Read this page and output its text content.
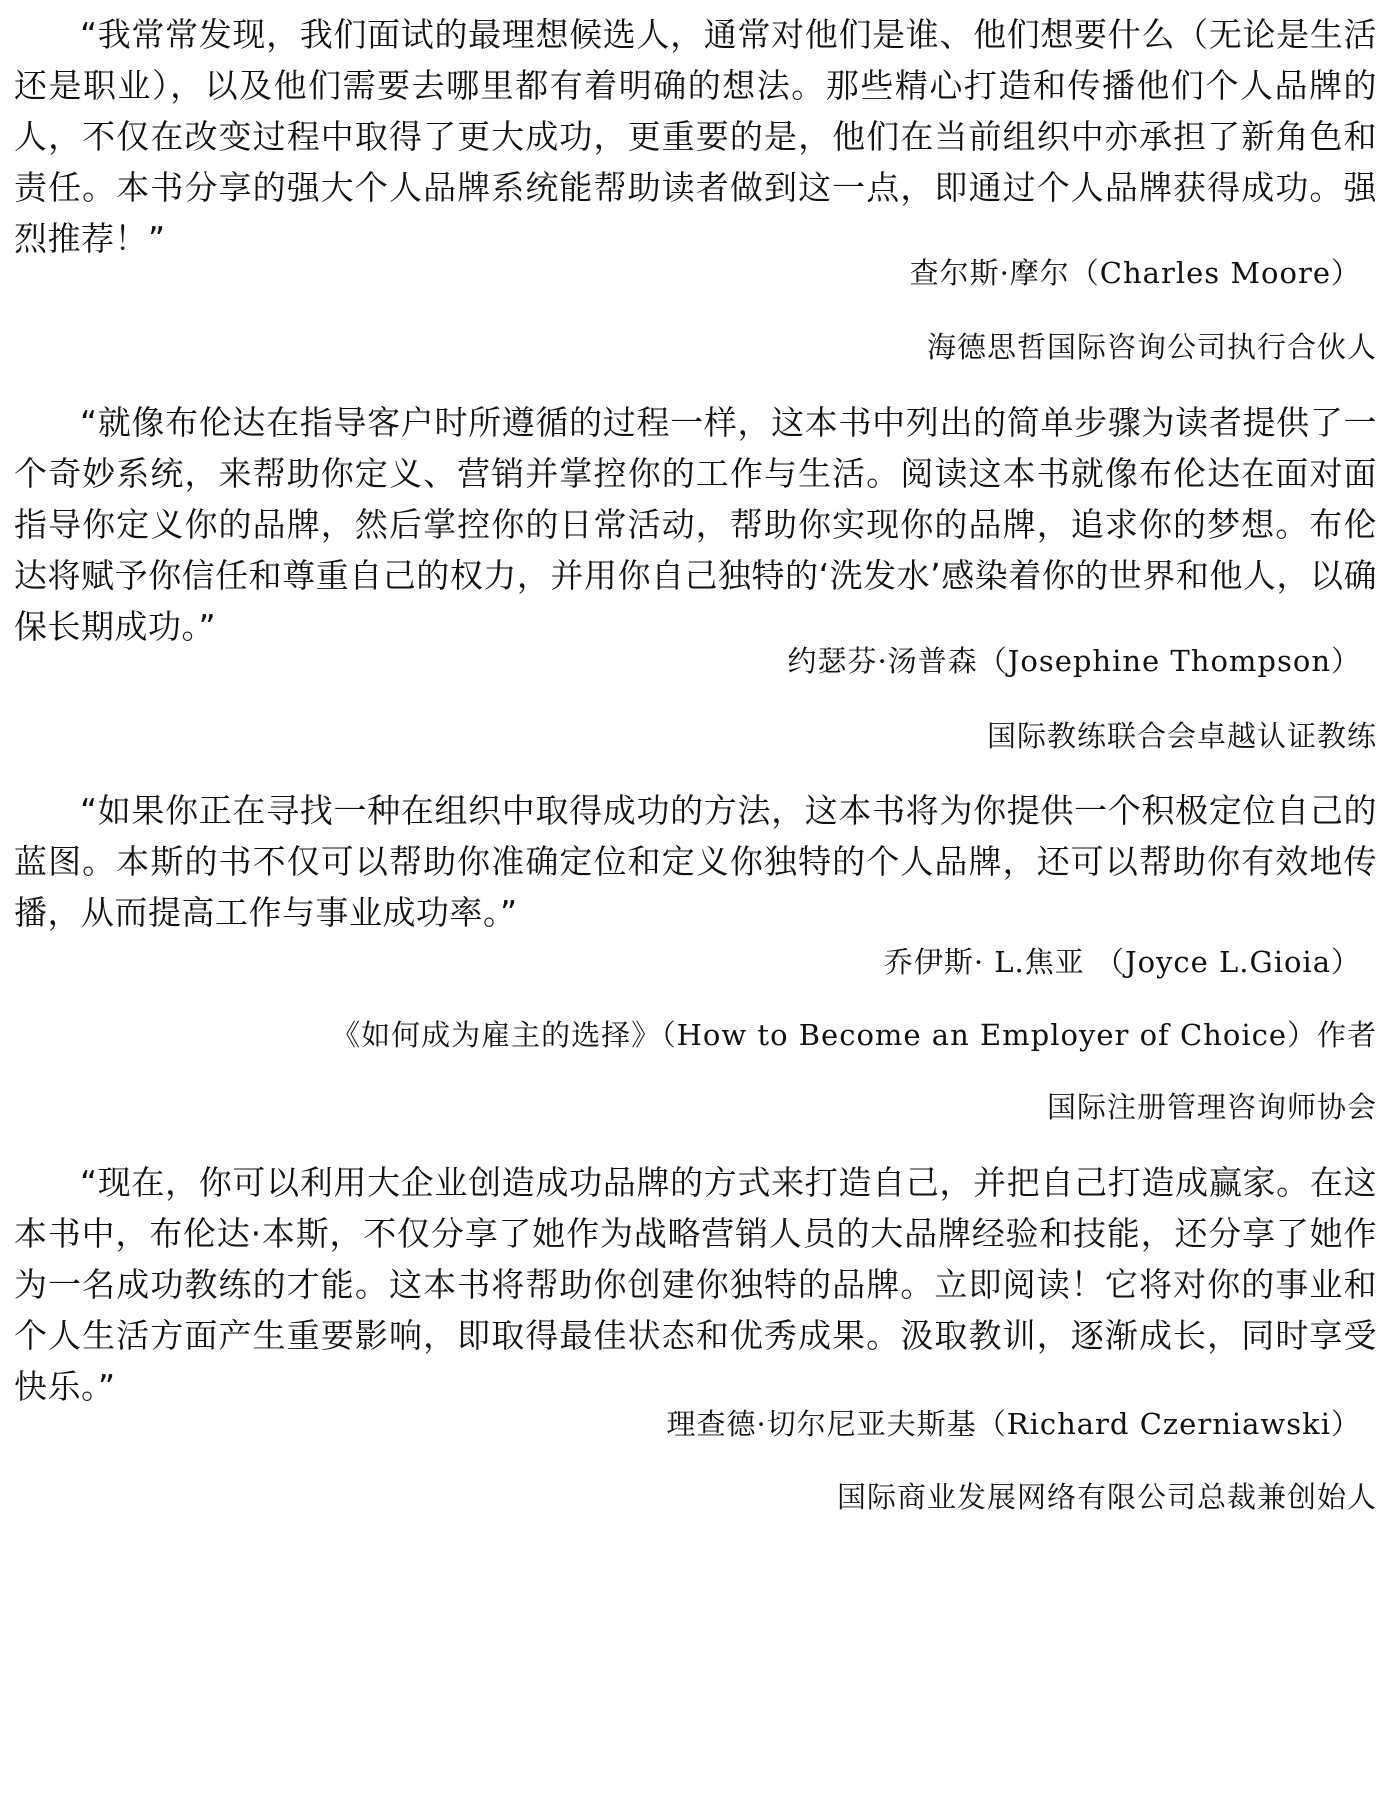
“我常常发现，我们面试的最理想候选人，通常对他们是谁、他们想要什么（无论是生活还是职业），以及他们需要去哪里都有着明确的想法。那些精心打造和传播他们个人品牌的人，不仅在改变过程中取得了更大成功，更重要的是，他们在当前组织中亦承担了新角色和责任。本书分享的强大个人品牌系统能帮助读者做到这一点，即通过个人品牌获得成功。强烈推荐！”

查尔斯·摩尔（Charles Moore）

海德思哲国际咨询公司执行合伙人

“就像布伦达在指导客户时所遵循的过程一样，这本书中列出的简单步骤为读者提供了一个奇妙系统，来帮助你定义、营销并掌控你的工作与生活。阅读这本书就像布伦达在面对面指导你定义你的品牌，然后掌控你的日常活动，帮助你实现你的品牌，追求你的梦想。布伦达将赋予你信任和尊重自己的权力，并用你自己独特的‘洗发水’感染着你的世界和他人，以确保长期成功。”

约瑟芬·汤普森（Josephine Thompson）

国际教练联合会卓越认证教练

“如果你正在寻找一种在组织中取得成功的方法，这本书将为你提供一个积极定位自己的蓝图。本斯的书不仅可以帮助你准确定位和定义你独特的个人品牌，还可以帮助你有效地传播，从而提高工作与事业成功率。”

乔伊斯· L.焦亚 （Joyce L.Gioia）

《如何成为雇主的选择》（How to Become an Employer of Choice）作者

国际注册管理咨询师协会

“现在，你可以利用大企业创造成功品牌的方式来打造自己，并把自己打造成赢家。在这本书中，布伦达·本斯，不仅分享了她作为战略营销人员的大品牌经验和技能，还分享了她作为一名成功教练的才能。这本书将帮助你创建你独特的品牌。立即阅读！它将对你的事业和个人生活方面产生重要影响，即取得最佳状态和优秀成果。汲取教训，逐渐成长，同时享受快乐。”

理查德·切尔尼亚夫斯基（Richard Czerniawski）

国际商业发展网络有限公司总裁兼创始人
